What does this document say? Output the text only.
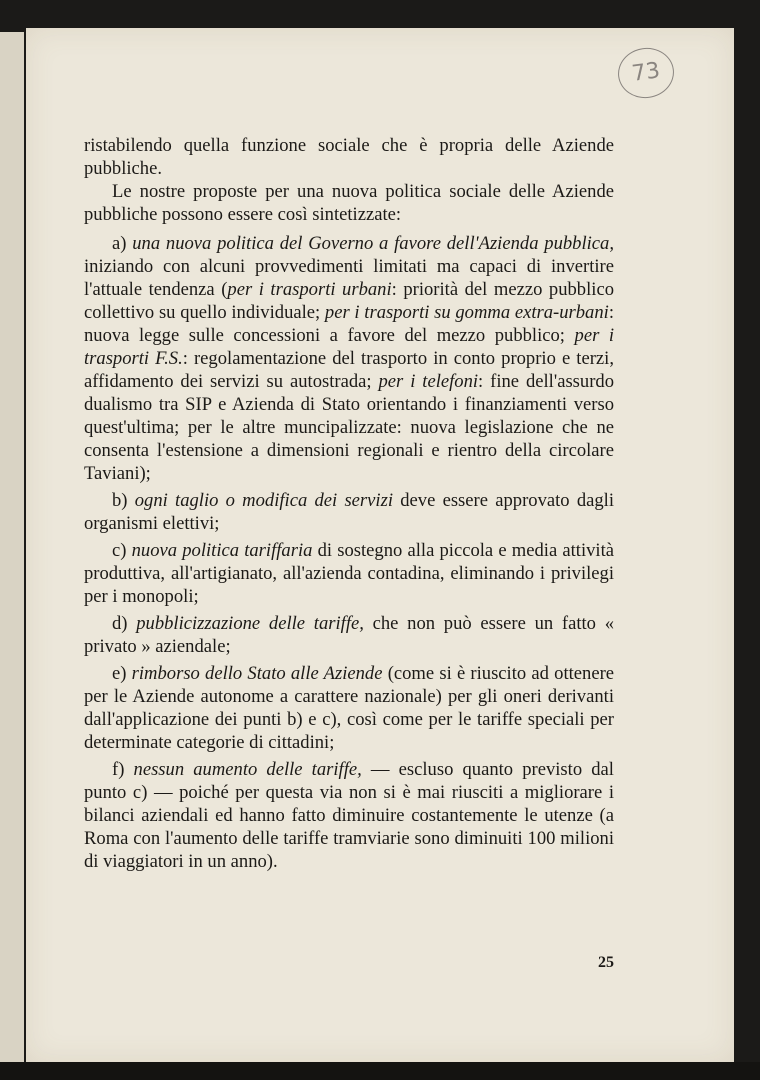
73

ristabilendo quella funzione sociale che è propria delle Aziende pubbliche.

Le nostre proposte per una nuova politica sociale delle Aziende pubbliche possono essere così sintetizzate:

a) una nuova politica del Governo a favore dell'Azienda pubblica, iniziando con alcuni provvedimenti limitati ma capaci di invertire l'attuale tendenza (per i trasporti urbani: priorità del mezzo pubblico collettivo su quello individuale; per i trasporti su gomma extra-urbani: nuova legge sulle concessioni a favore del mezzo pubblico; per i trasporti F.S.: regolamentazione del trasporto in conto proprio e terzi, affidamento dei servizi su autostrada; per i telefoni: fine dell'assurdo dualismo tra SIP e Azienda di Stato orientando i finanziamenti verso quest'ultima; per le altre muncipalizzate: nuova legislazione che ne consenta l'estensione a dimensioni regionali e rientro della circolare Taviani);

b) ogni taglio o modifica dei servizi deve essere approvato dagli organismi elettivi;

c) nuova politica tariffaria di sostegno alla piccola e media attività produttiva, all'artigianato, all'azienda contadina, eliminando i privilegi per i monopoli;

d) pubblicizzazione delle tariffe, che non può essere un fatto « privato » aziendale;

e) rimborso dello Stato alle Aziende (come si è riuscito ad ottenere per le Aziende autonome a carattere nazionale) per gli oneri derivanti dall'applicazione dei punti b) e c), così come per le tariffe speciali per determinate categorie di cittadini;

f) nessun aumento delle tariffe, — escluso quanto previsto dal punto c) — poiché per questa via non si è mai riusciti a migliorare i bilanci aziendali ed hanno fatto diminuire costantemente le utenze (a Roma con l'aumento delle tariffe tramviarie sono diminuiti 100 milioni di viaggiatori in un anno).

25
